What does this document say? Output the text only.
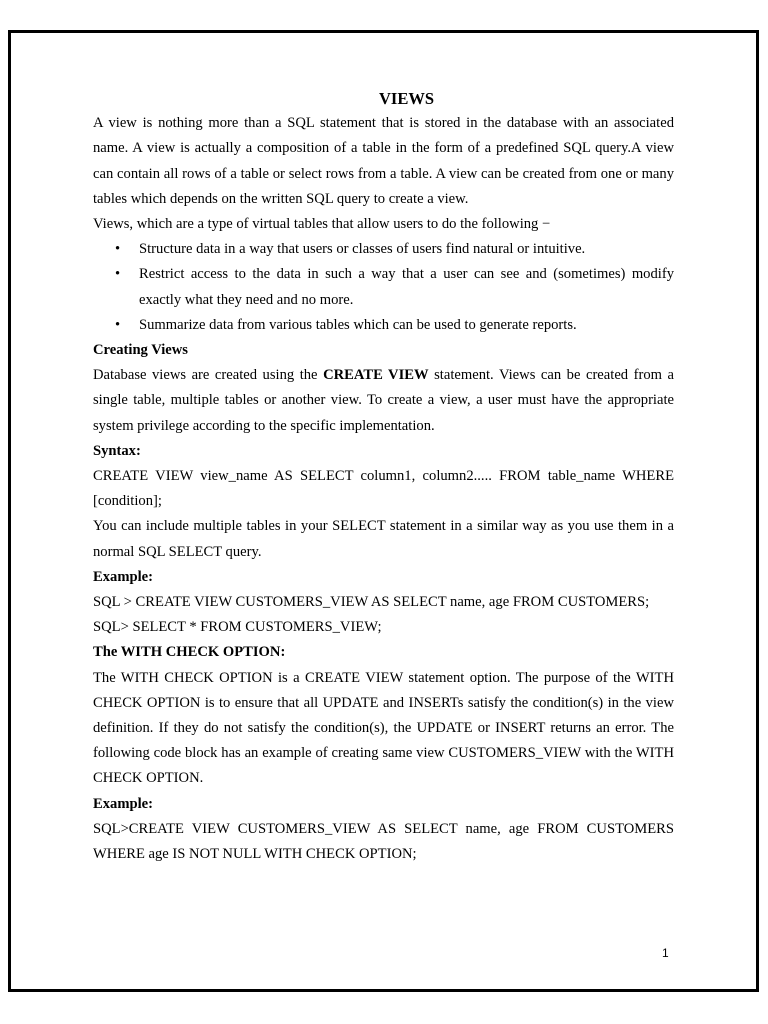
VIEWS

A view is nothing more than a SQL statement that is stored in the database with an associated name. A view is actually a composition of a table in the form of a predefined SQL query.A view can contain all rows of a table or select rows from a table. A view can be created from one or many tables which depends on the written SQL query to create a view.

Views, which are a type of virtual tables that allow users to do the following −

• Structure data in a way that users or classes of users find natural or intuitive.
• Restrict access to the data in such a way that a user can see and (sometimes) modify exactly what they need and no more.
• Summarize data from various tables which can be used to generate reports.
Creating Views

Database views are created using the CREATE VIEW statement. Views can be created from a single table, multiple tables or another view. To create a view, a user must have the appropriate system privilege according to the specific implementation.

Syntax:

CREATE VIEW view_name AS SELECT column1, column2..... FROM table_name WHERE [condition];

You can include multiple tables in your SELECT statement in a similar way as you use them in a normal SQL SELECT query.

Example:

SQL > CREATE VIEW CUSTOMERS_VIEW AS SELECT name, age FROM CUSTOMERS;

SQL> SELECT * FROM CUSTOMERS_VIEW;

The WITH CHECK OPTION:

The WITH CHECK OPTION is a CREATE VIEW statement option. The purpose of the WITH CHECK OPTION is to ensure that all UPDATE and INSERTs satisfy the condition(s) in the view definition. If they do not satisfy the condition(s), the UPDATE or INSERT returns an error. The following code block has an example of creating same view CUSTOMERS_VIEW with the WITH CHECK OPTION.

Example:

SQL>CREATE VIEW CUSTOMERS_VIEW AS SELECT name, age FROM CUSTOMERS WHERE age IS NOT NULL WITH CHECK OPTION;

1
